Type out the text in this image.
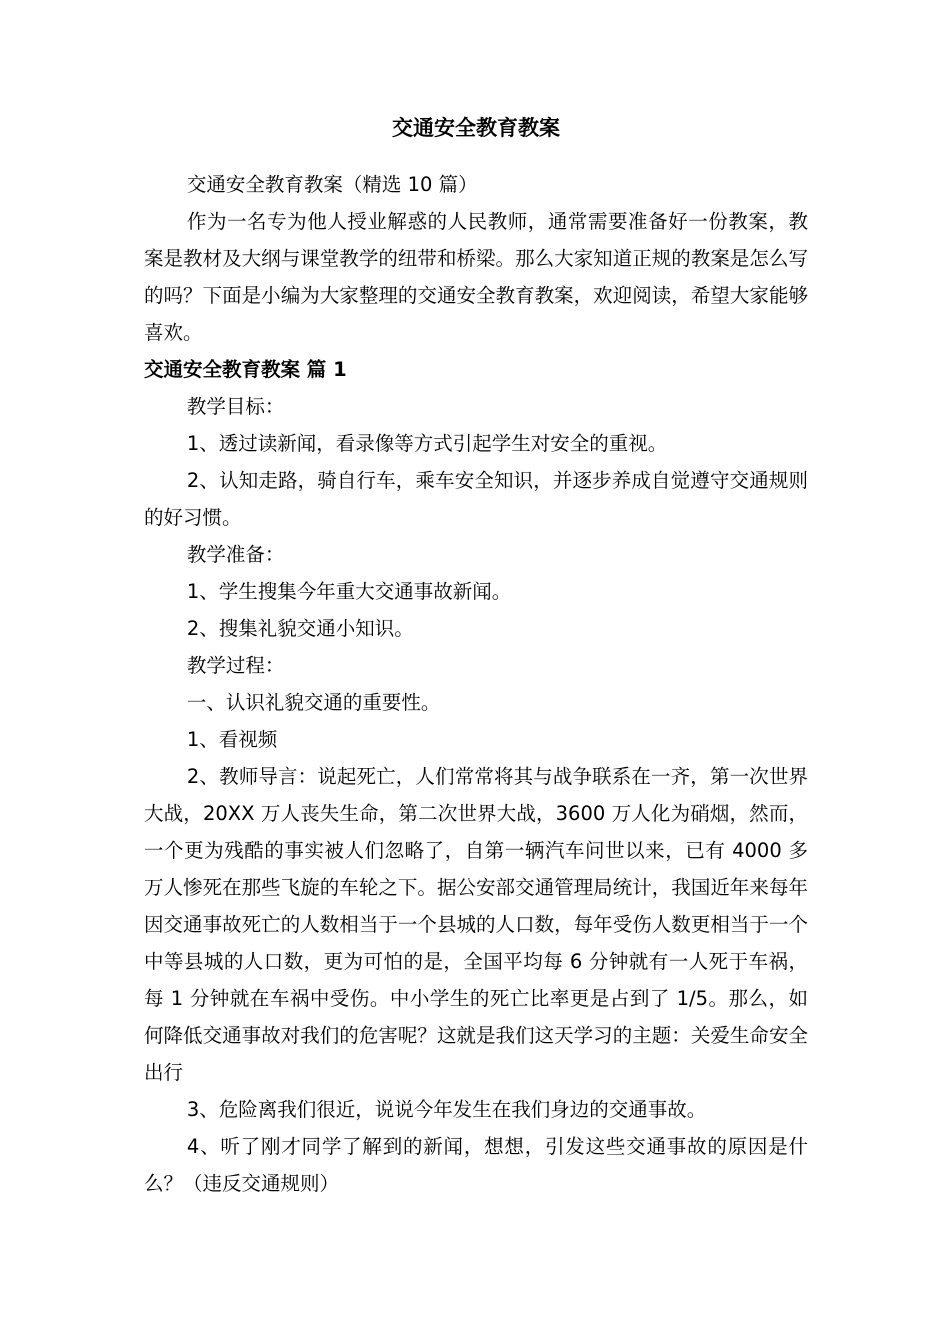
交通安全教育教案

交通安全教育教案（精选 10 篇）

作为一名专为他人授业解惑的人民教师，通常需要准备好一份教案，教案是教材及大纲与课堂教学的纽带和桥梁。那么大家知道正规的教案是怎么写的吗？下面是小编为大家整理的交通安全教育教案，欢迎阅读，希望大家能够喜欢。

交通安全教育教案 篇 1

教学目标：

1、透过读新闻，看录像等方式引起学生对安全的重视。

2、认知走路，骑自行车，乘车安全知识，并逐步养成自觉遵守交通规则的好习惯。

教学准备：

1、学生搜集今年重大交通事故新闻。

2、搜集礼貌交通小知识。

教学过程：

一、认识礼貌交通的重要性。

1、看视频

2、教师导言：说起死亡，人们常常将其与战争联系在一齐，第一次世界大战，20XX 万人丧失生命，第二次世界大战，3600 万人化为硝烟，然而，一个更为残酷的事实被人们忽略了，自第一辆汽车问世以来，已有 4000 多万人惨死在那些飞旋的车轮之下。据公安部交通管理局统计，我国近年来每年因交通事故死亡的人数相当于一个县城的人口数，每年受伤人数更相当于一个中等县城的人口数，更为可怕的是，全国平均每 6 分钟就有一人死于车祸，每 1 分钟就在车祸中受伤。中小学生的死亡比率更是占到了 1/5。那么，如何降低交通事故对我们的危害呢？这就是我们这天学习的主题：关爱生命安全出行

3、危险离我们很近，说说今年发生在我们身边的交通事故。

4、听了刚才同学了解到的新闻，想想，引发这些交通事故的原因是什么？（违反交通规则）
